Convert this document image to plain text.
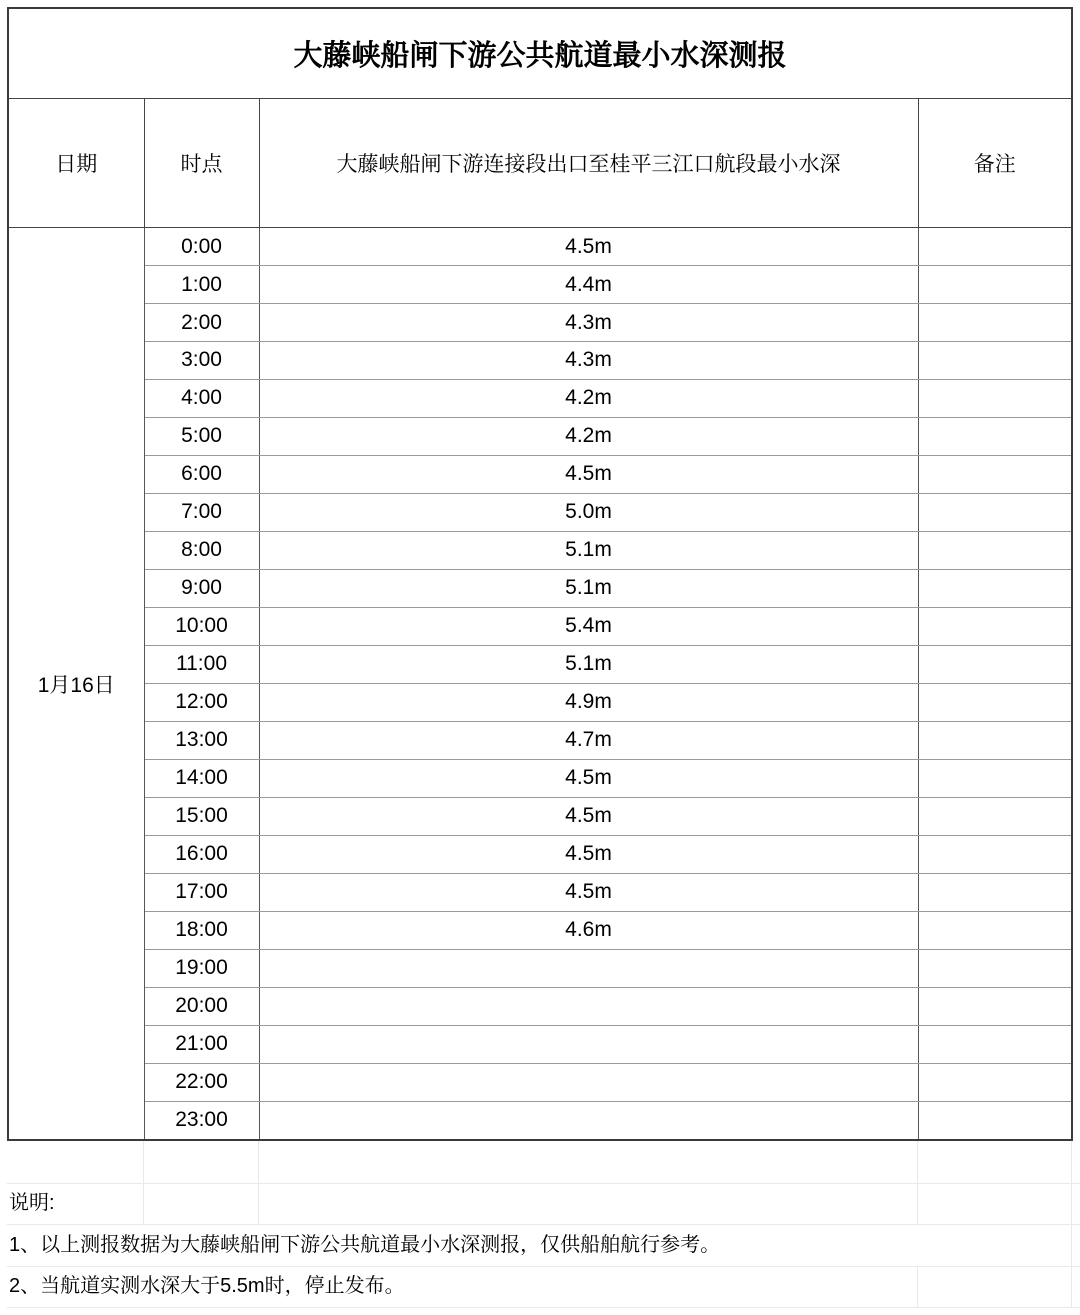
大藤峡船闸下游公共航道最小水深测报			
日期	时点	大藤峡船闸下游连接段出口至桂平三江口航段最小水深	备注
1月16日	0:00	4.5m	
	1:00	4.4m	
	2:00	4.3m	
	3:00	4.3m	
	4:00	4.2m	
	5:00	4.2m	
	6:00	4.5m	
	7:00	5.0m	
	8:00	5.1m	
	9:00	5.1m	
	10:00	5.4m	
	11:00	5.1m	
	12:00	4.9m	
	13:00	4.7m	
	14:00	4.5m	
	15:00	4.5m	
	16:00	4.5m	
	17:00	4.5m	
	18:00	4.6m	
	19:00		
	20:00		
	21:00		
	22:00		
	23:00		
说明:
1、以上测报数据为大藤峡船闸下游公共航道最小水深测报，仅供船舶航行参考。
2、当航道实测水深大于5.5m时，停止发布。
